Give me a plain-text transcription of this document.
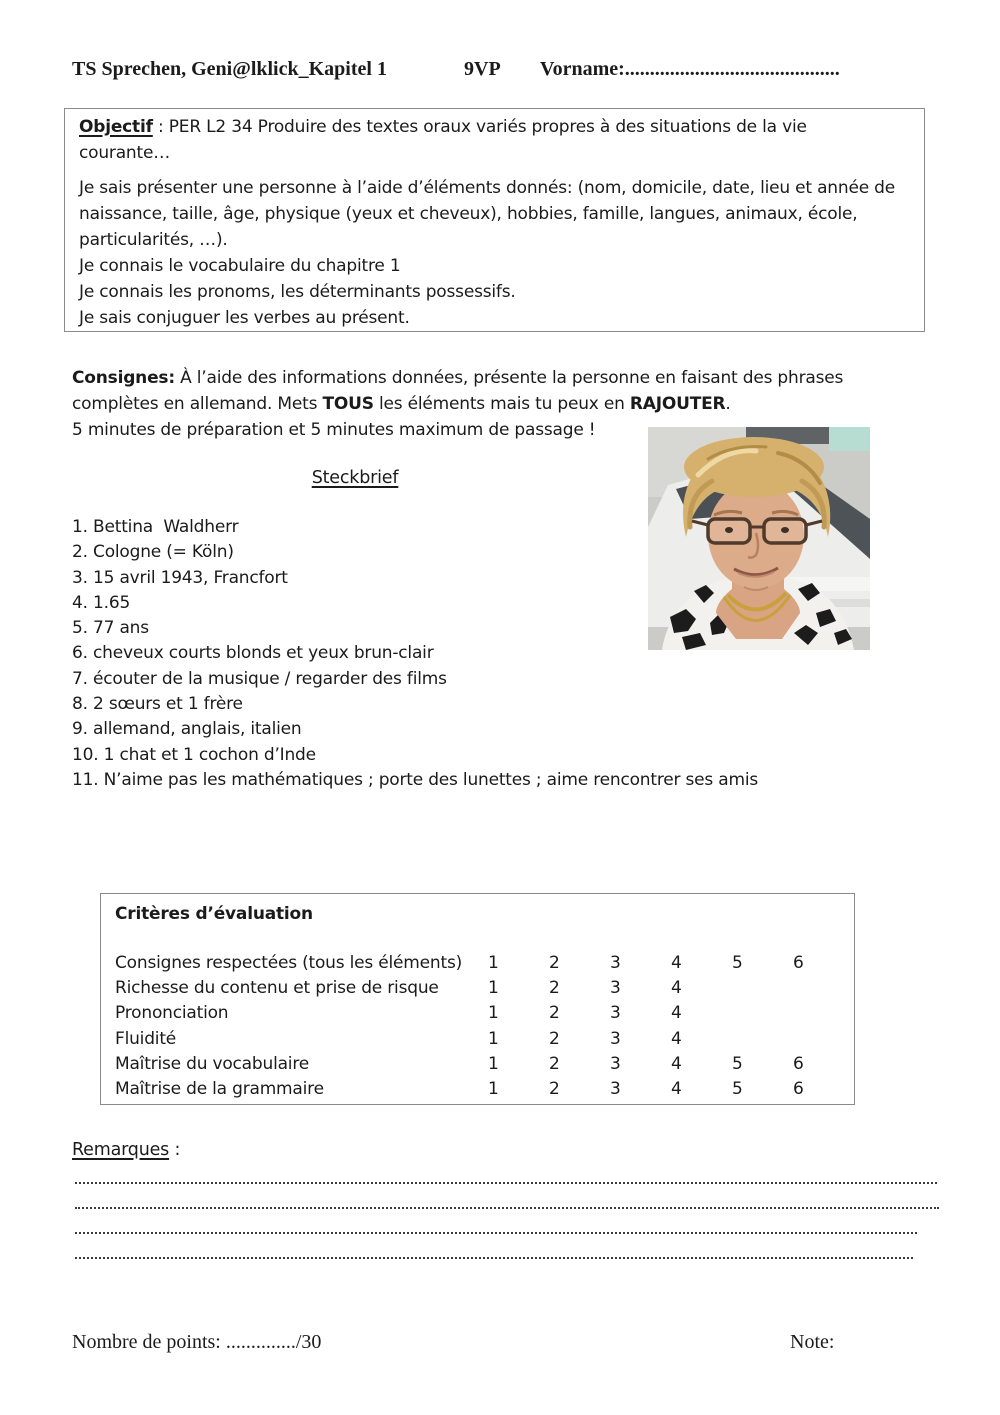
TS Sprechen, Geni@lklick_Kapitel 1	9VP Vorname:...........................................

Objectif : PER L2 34 Produire des textes oraux variés propres à des situations de la vie courante…

Je sais présenter une personne à l’aide d’éléments donnés: (nom, domicile, date, lieu et année de naissance, taille, âge, physique (yeux et cheveux), hobbies, famille, langues, animaux, école, particularités, …).

Je connais le vocabulaire du chapitre 1

Je connais les pronoms, les déterminants possessifs.

Je sais conjuguer les verbes au présent.

Consignes: À l’aide des informations données, présente la personne en faisant des phrases complètes en allemand. Mets TOUS les éléments mais tu peux en RAJOUTER.

5 minutes de préparation et 5 minutes maximum de passage !

Steckbrief
1. Bettina  Waldherr
2. Cologne (= Köln)
3. 15 avril 1943, Francfort
4. 1.65
5. 77 ans
6. cheveux courts blonds et yeux brun-clair
7. écouter de la musique / regarder des films
8. 2 sœurs et 1 frère
9. allemand, anglais, italien
10. 1 chat et 1 cochon d’Inde
11. N’aime pas les mathématiques ; porte des lunettes ; aime rencontrer ses amis

Critères d’évaluation

Consignes respectées (tous les éléments)	1	2	3	4	5	6
Richesse du contenu et prise de risque	1	2	3	4
Prononciation	1	2	3	4
Fluidité	1	2	3	4
Maîtrise du vocabulaire	1	2	3	4	5	6
Maîtrise de la grammaire	1	2	3	4	5	6
Remarques :
Nombre de points: ............../30	Note:
